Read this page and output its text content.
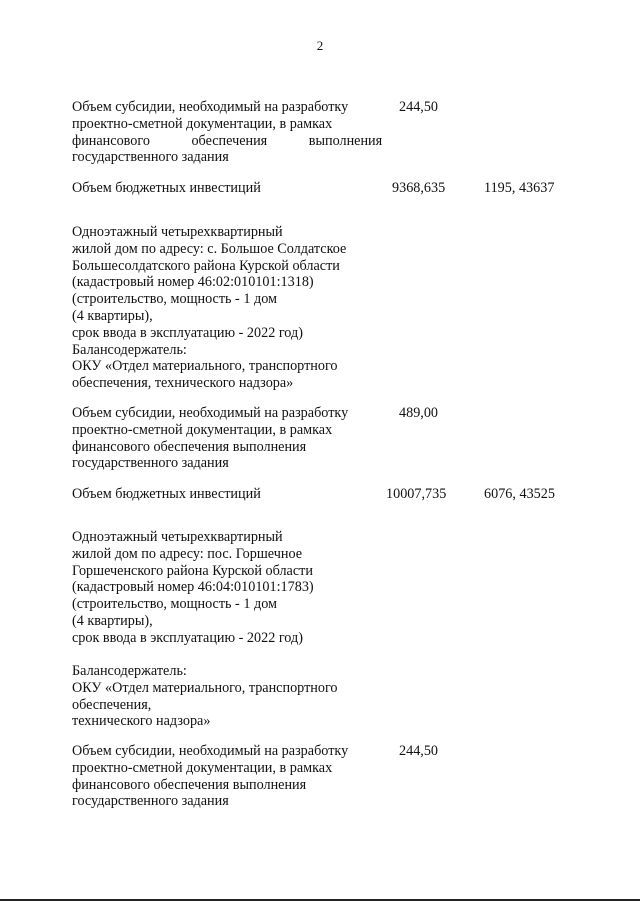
2
Объем субсидии, необходимый на разработку
проектно-сметной документации, в рамках
финансового обеспечения выполнения
государственного задания
244,50
Объем бюджетных инвестиций	9368,635	1195, 43637
Одноэтажный четырехквартирный
жилой дом по адресу: с. Большое Солдатское
Большесолдатского района Курской области
(кадастровый номер 46:02:010101:1318)
(строительство, мощность - 1 дом
(4 квартиры),
срок ввода в эксплуатацию - 2022 год)
Балансодержатель:
ОКУ «Отдел материального, транспортного
обеспечения, технического надзора»
Объем субсидии, необходимый на разработку
проектно-сметной документации, в рамках
финансового обеспечения выполнения
государственного задания
489,00
Объем бюджетных инвестиций	10007,735	6076, 43525
Одноэтажный четырехквартирный
жилой дом по адресу: пос. Горшечное
Горшеченского района Курской области
(кадастровый номер 46:04:010101:1783)
(строительство, мощность - 1 дом
(4 квартиры),
срок ввода в эксплуатацию - 2022 год)
Балансодержатель:
ОКУ «Отдел материального, транспортного
обеспечения,
технического надзора»
Объем субсидии, необходимый на разработку
проектно-сметной документации, в рамках
финансового обеспечения выполнения
государственного задания
244,50
